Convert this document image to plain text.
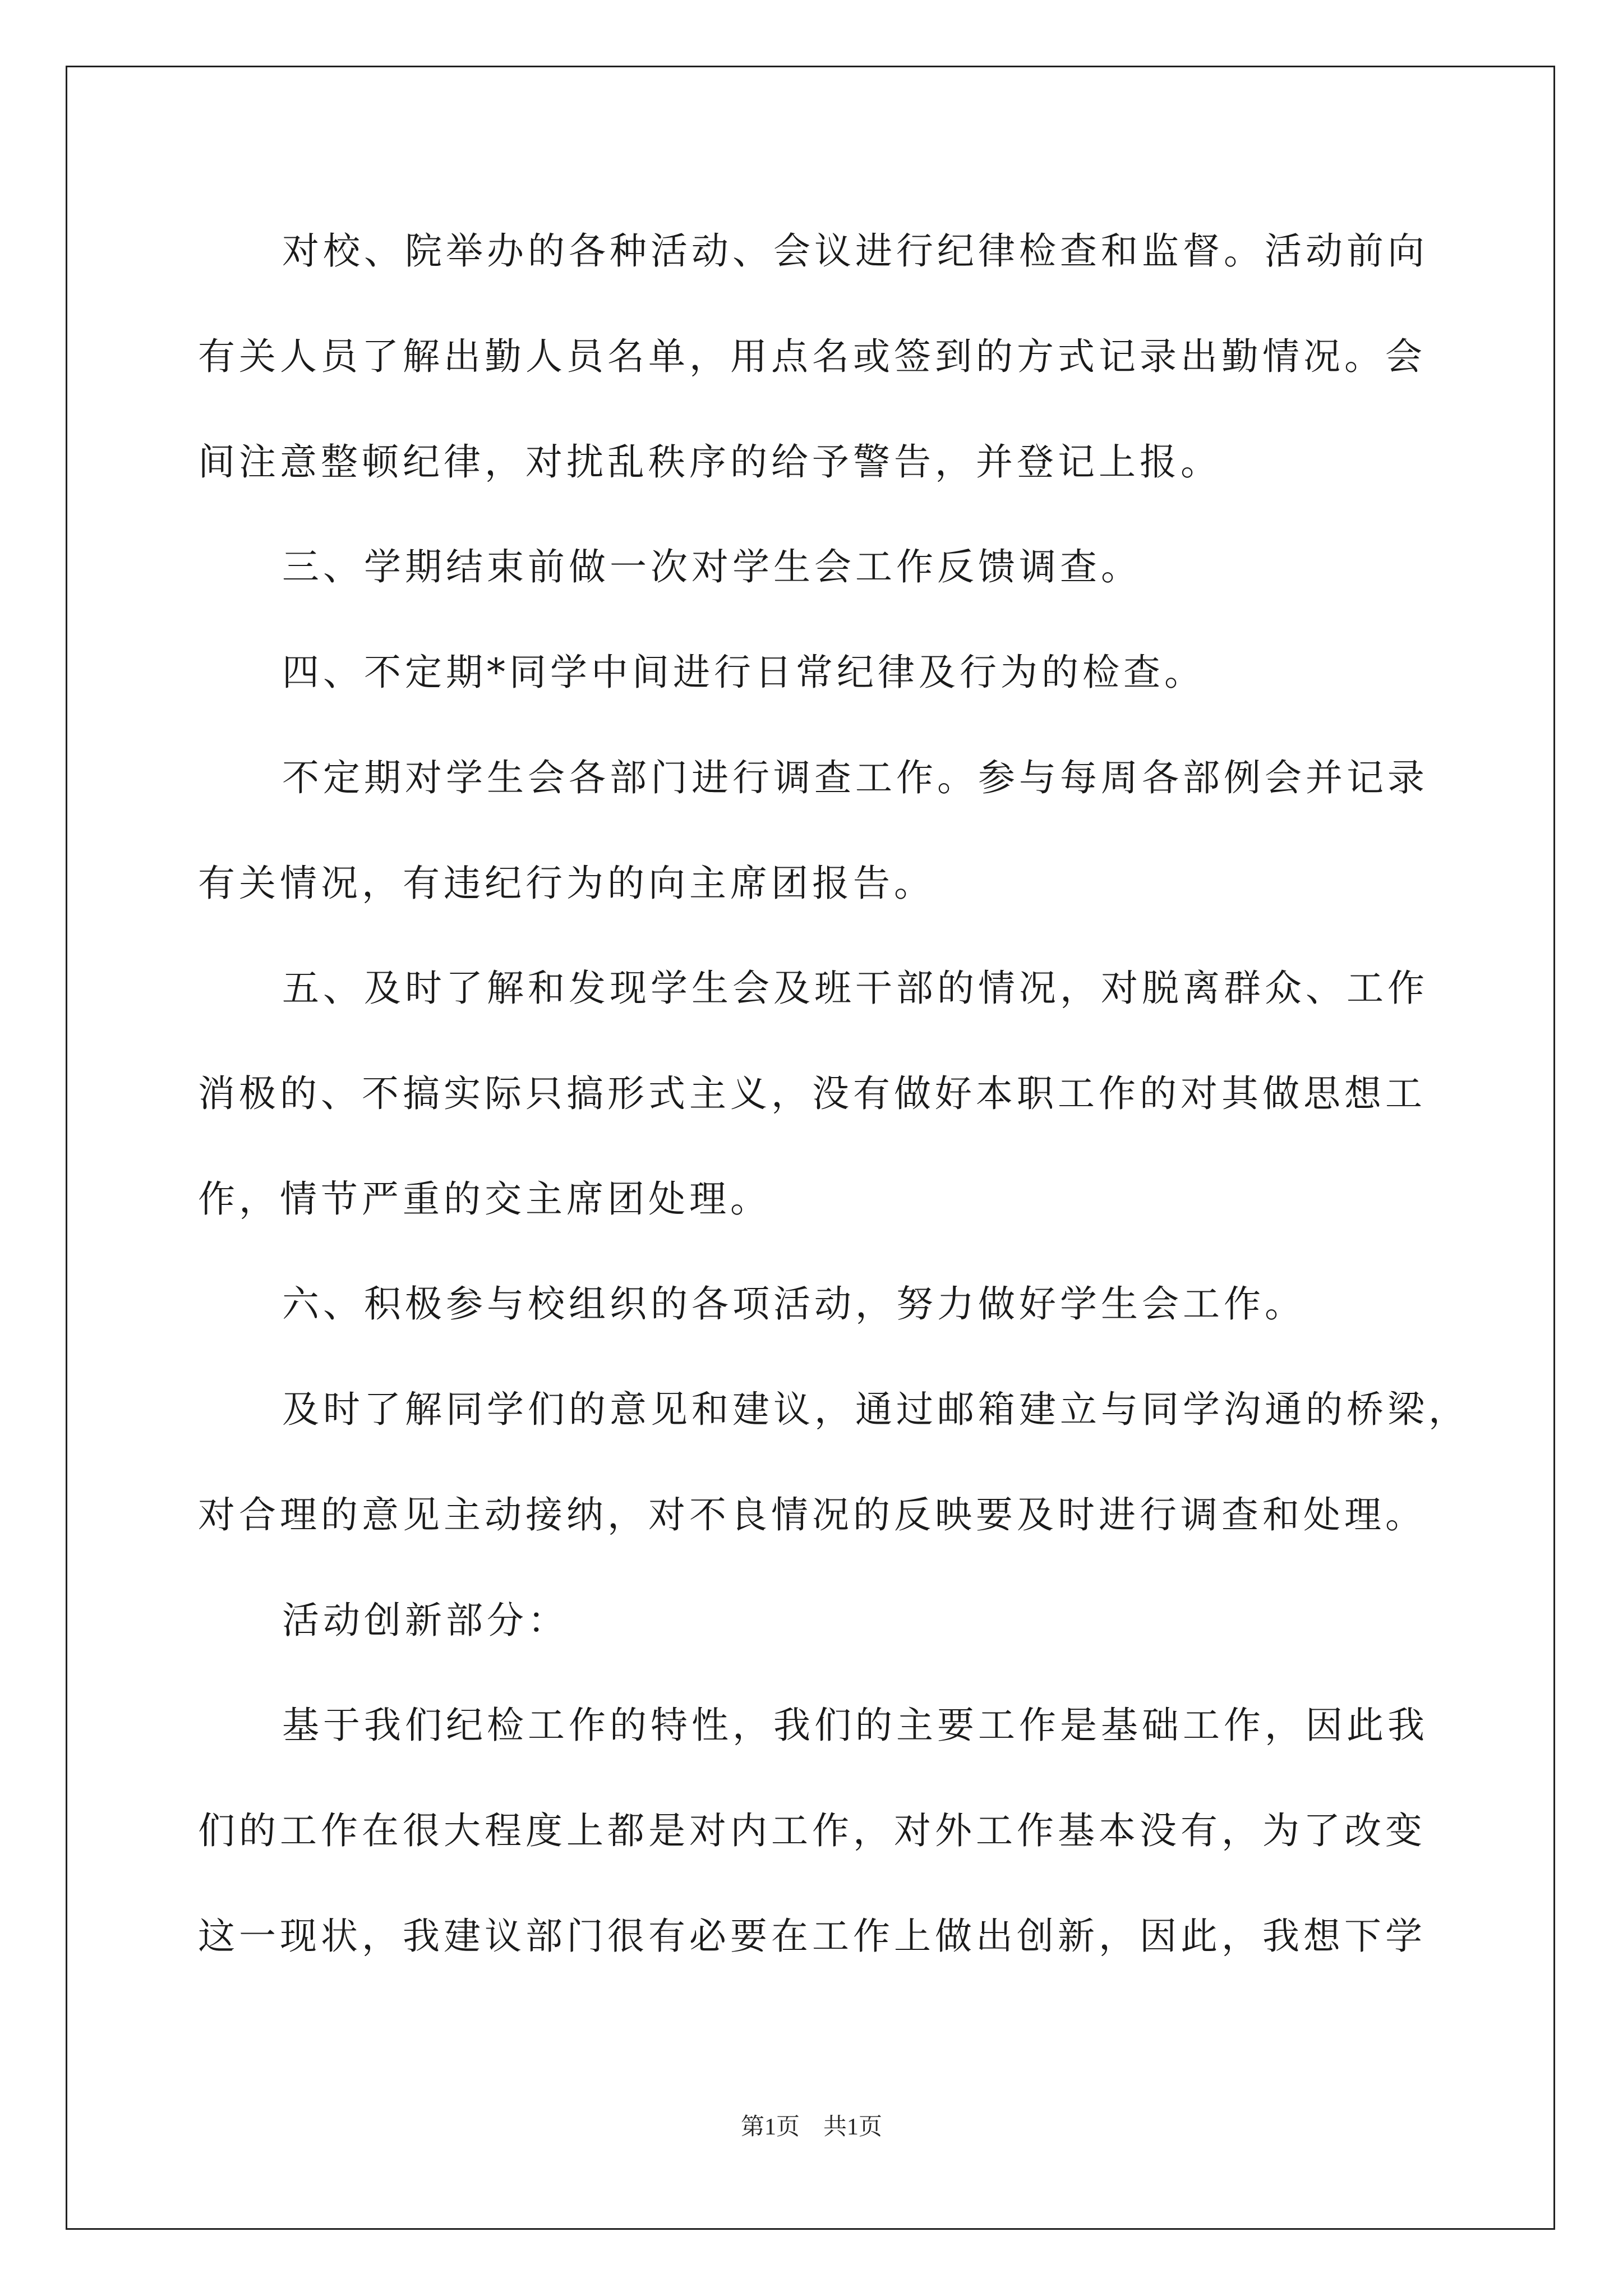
对校、院举办的各种活动、会议进行纪律检查和监督。活动前向
有关人员了解出勤人员名单，用点名或签到的方式记录出勤情况。会
间注意整顿纪律，对扰乱秩序的给予警告，并登记上报。
三、学期结束前做一次对学生会工作反馈调查。
四、不定期*同学中间进行日常纪律及行为的检查。
不定期对学生会各部门进行调查工作。参与每周各部例会并记录
有关情况，有违纪行为的向主席团报告。
五、及时了解和发现学生会及班干部的情况，对脱离群众、工作
消极的、不搞实际只搞形式主义，没有做好本职工作的对其做思想工
作，情节严重的交主席团处理。
六、积极参与校组织的各项活动，努力做好学生会工作。
及时了解同学们的意见和建议，通过邮箱建立与同学沟通的桥梁，
对合理的意见主动接纳，对不良情况的反映要及时进行调查和处理。
活动创新部分：
基于我们纪检工作的特性，我们的主要工作是基础工作，因此我
们的工作在很大程度上都是对内工作，对外工作基本没有，为了改变
这一现状，我建议部门很有必要在工作上做出创新，因此，我想下学
第1页　共1页
